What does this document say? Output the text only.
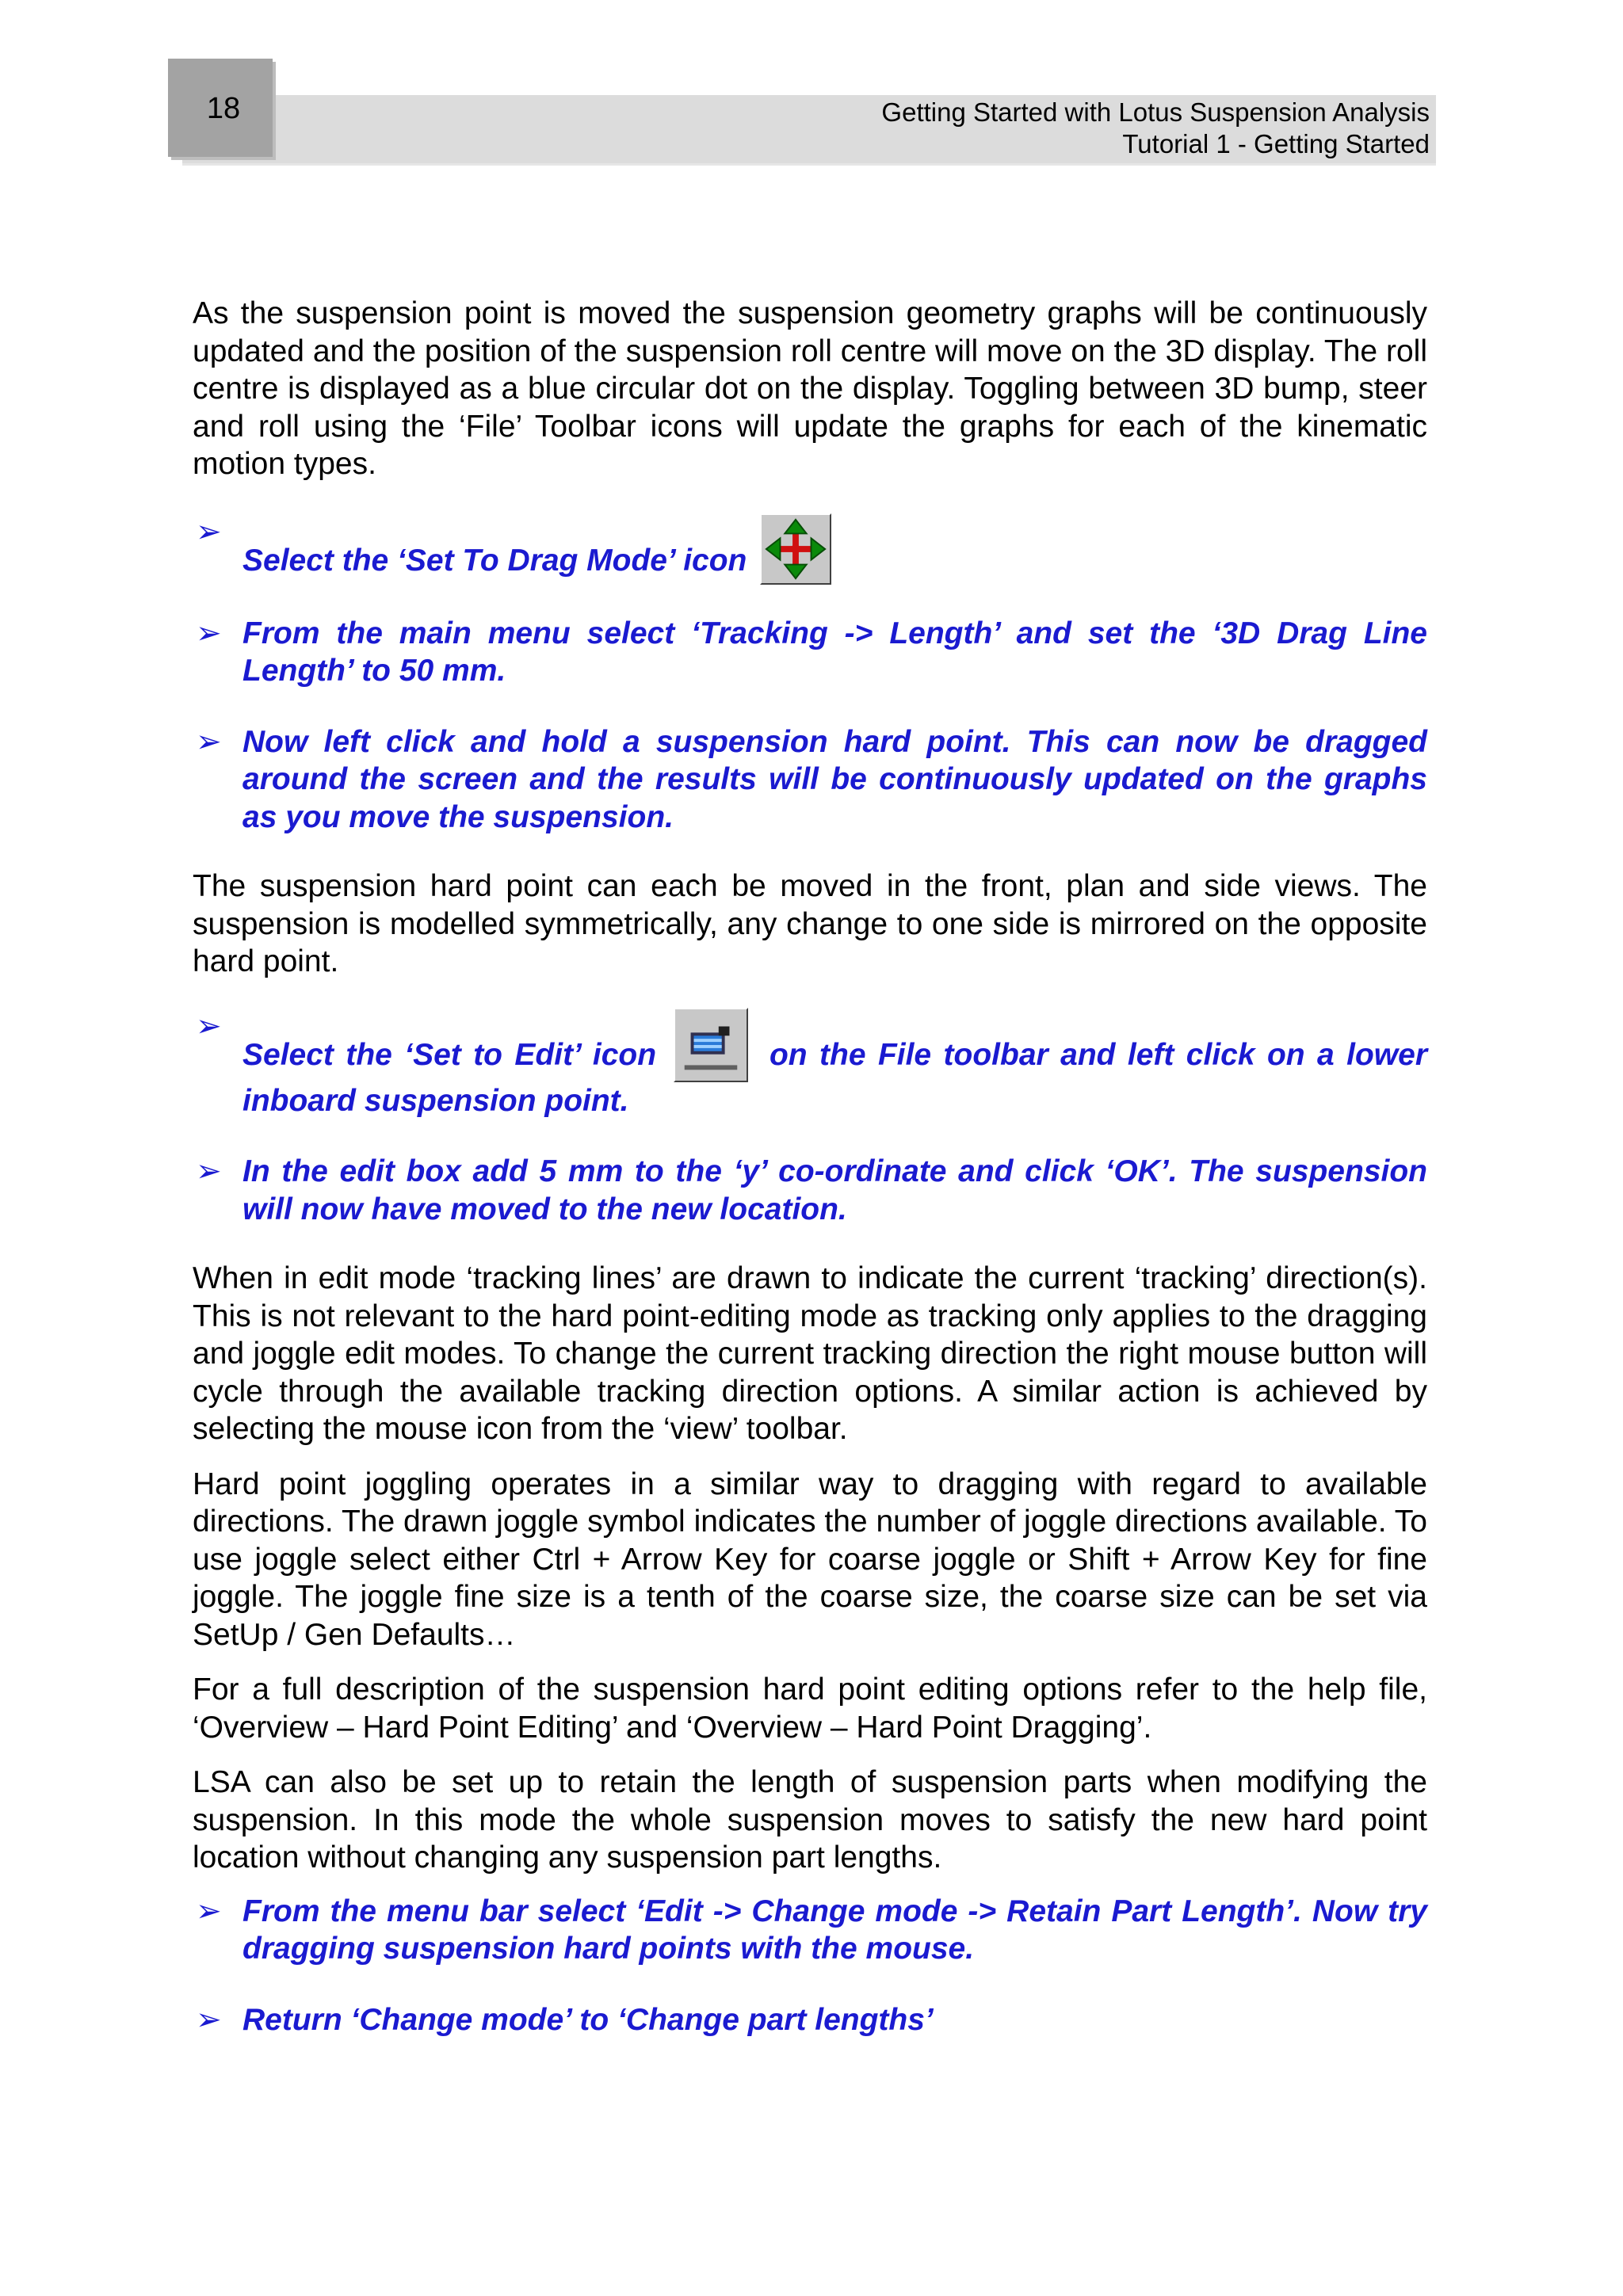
18	Getting Started with Lotus Suspension Analysis
Tutorial 1 - Getting Started

As the suspension point is moved the suspension geometry graphs will be continuously updated and the position of the suspension roll centre will move on the 3D display. The roll centre is displayed as a blue circular dot on the display. Toggling between 3D bump, steer and roll using the ‘File’ Toolbar icons will update the graphs for each of the kinematic motion types.

➢
Select the ‘Set To Drag Mode’ icon
➢ From the main menu select ‘Tracking -> Length’ and set the ‘3D Drag Line Length’ to 50 mm.
➢ Now left click and hold a suspension hard point. This can now be dragged around the screen and the results will be continuously updated on the graphs as you move the suspension.

The suspension hard point can each be moved in the front, plan and side views. The suspension is modelled symmetrically, any change to one side is mirrored on the opposite hard point.

➢
Select the ‘Set to Edit’ icon	on the File toolbar and left click on a lower inboard suspension point.
➢ In the edit box add 5 mm to the ‘y’ co-ordinate and click ‘OK’. The suspension will now have moved to the new location.

When in edit mode ‘tracking lines’ are drawn to indicate the current ‘tracking’ direction(s). This is not relevant to the hard point-editing mode as tracking only applies to the dragging and joggle edit modes. To change the current tracking direction the right mouse button will cycle through the available tracking direction options. A similar action is achieved by selecting the mouse icon from the ‘view’ toolbar.

Hard point joggling operates in a similar way to dragging with regard to available directions. The drawn joggle symbol indicates the number of joggle directions available. To use joggle select either Ctrl + Arrow Key for coarse joggle or Shift + Arrow Key for fine joggle. The joggle fine size is a tenth of the coarse size, the coarse size can be set via SetUp / Gen Defaults…

For a full description of the suspension hard point editing options refer to the help file, ‘Overview – Hard Point Editing’ and ‘Overview – Hard Point Dragging’.

LSA can also be set up to retain the length of suspension parts when modifying the suspension. In this mode the whole suspension moves to satisfy the new hard point location without changing any suspension part lengths.

➢ From the menu bar select ‘Edit -> Change mode -> Retain Part Length’. Now try dragging suspension hard points with the mouse.
➢ Return ‘Change mode’ to ‘Change part lengths’
